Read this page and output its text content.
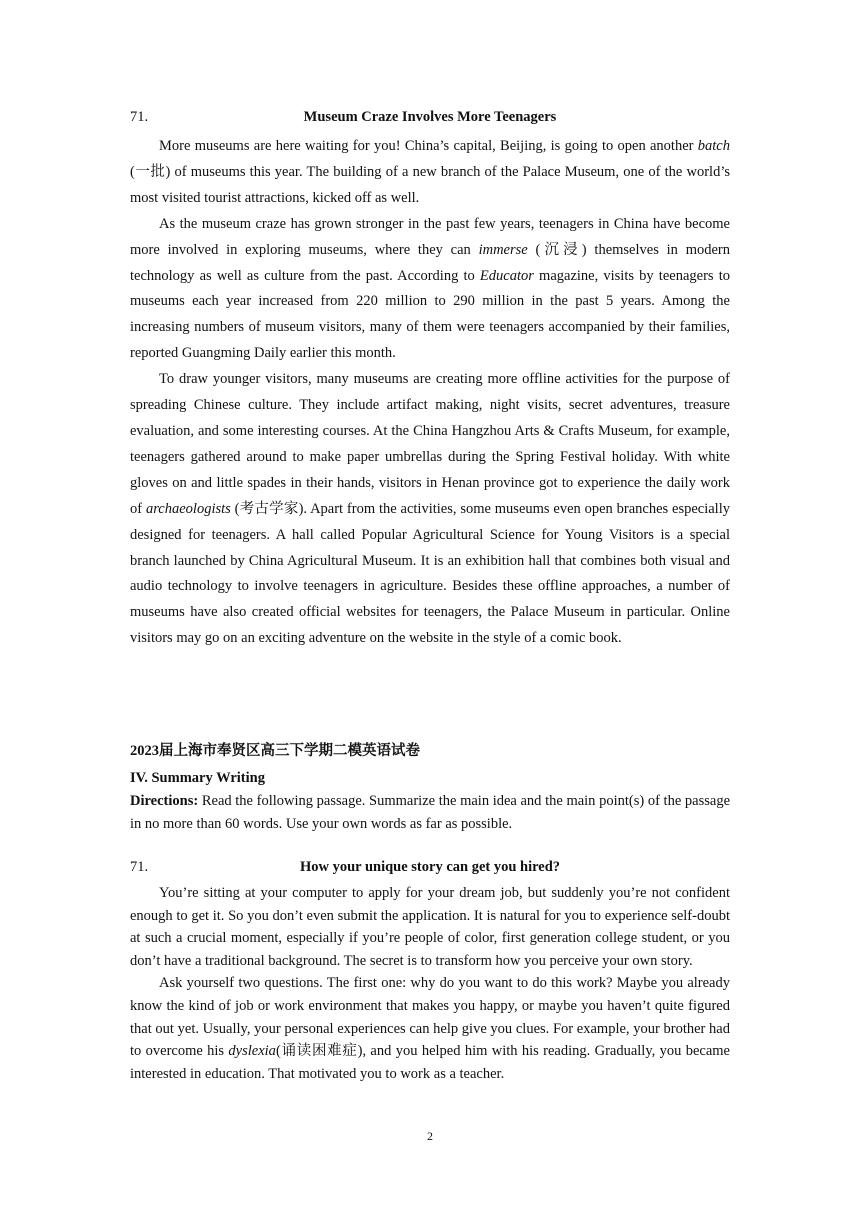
71.	Museum Craze Involves More Teenagers

More museums are here waiting for you! China’s capital, Beijing, is going to open another batch (一批) of museums this year. The building of a new branch of the Palace Museum, one of the world’s most visited tourist attractions, kicked off as well.

As the museum craze has grown stronger in the past few years, teenagers in China have become more involved in exploring museums, where they can immerse (沉浸) themselves in modern technology as well as culture from the past. According to Educator magazine, visits by teenagers to museums each year increased from 220 million to 290 million in the past 5 years. Among the increasing numbers of museum visitors, many of them were teenagers accompanied by their families, reported Guangming Daily earlier this month.

To draw younger visitors, many museums are creating more offline activities for the purpose of spreading Chinese culture. They include artifact making, night visits, secret adventures, treasure evaluation, and some interesting courses. At the China Hangzhou Arts & Crafts Museum, for example, teenagers gathered around to make paper umbrellas during the Spring Festival holiday. With white gloves on and little spades in their hands, visitors in Henan province got to experience the daily work of archaeologists (考古学家). Apart from the activities, some museums even open branches especially designed for teenagers. A hall called Popular Agricultural Science for Young Visitors is a special branch launched by China Agricultural Museum. It is an exhibition hall that combines both visual and audio technology to involve teenagers in agriculture. Besides these offline approaches, a number of museums have also created official websites for teenagers, the Palace Museum in particular. Online visitors may go on an exciting adventure on the website in the style of a comic book.

2023届上海市奉贤区高三下学期二模英语试卷
IV. Summary Writing

Directions: Read the following passage. Summarize the main idea and the main point(s) of the passage in no more than 60 words. Use your own words as far as possible.

71.	How your unique story can get you hired?

You’re sitting at your computer to apply for your dream job, but suddenly you’re not confident enough to get it. So you don’t even submit the application. It is natural for you to experience self-doubt at such a crucial moment, especially if you’re people of color, first generation college student, or you don’t have a traditional background. The secret is to transform how you perceive your own story.

Ask yourself two questions. The first one: why do you want to do this work? Maybe you already know the kind of job or work environment that makes you happy, or maybe you haven’t quite figured that out yet. Usually, your personal experiences can help give you clues. For example, your brother had to overcome his dyslexia(诵读困难症), and you helped him with his reading. Gradually, you became interested in education. That motivated you to work as a teacher.

2
